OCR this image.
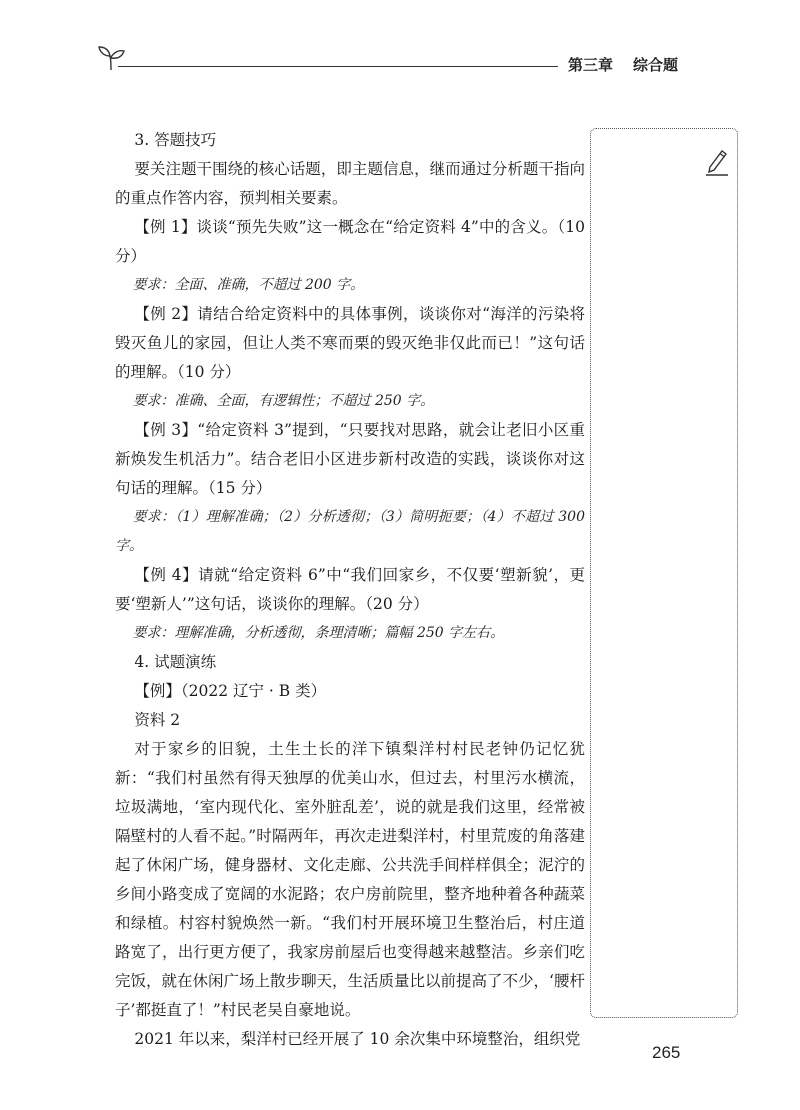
第三章 综合题

3. 答题技巧

要关注题干围绕的核心话题，即主题信息，继而通过分析题干指向的重点作答内容，预判相关要素。

【例 1】谈谈“预先失败”这一概念在“给定资料 4”中的含义。（10 分）

要求：全面、准确，不超过 200 字。

【例 2】请结合给定资料中的具体事例，谈谈你对“海洋的污染将毁灭鱼儿的家园，但让人类不寒而栗的毁灭绝非仅此而已！”这句话的理解。（10 分）

要求：准确、全面，有逻辑性；不超过 250 字。

【例 3】“给定资料 3”提到，“只要找对思路，就会让老旧小区重新焕发生机活力”。结合老旧小区进步新村改造的实践，谈谈你对这句话的理解。（15 分）

要求：（1）理解准确；（2）分析透彻；（3）简明扼要；（4）不超过 300 字。

【例 4】请就“给定资料 6”中“我们回家乡，不仅要‘塑新貌’，更要‘塑新人’”这句话，谈谈你的理解。（20 分）

要求：理解准确，分析透彻，条理清晰；篇幅 250 字左右。

4. 试题演练

【例】（2022 辽宁 · B 类）

资料 2

对于家乡的旧貌，土生土长的洋下镇梨洋村村民老钟仍记忆犹新：“我们村虽然有得天独厚的优美山水，但过去，村里污水横流，垃圾满地，‘室内现代化、室外脏乱差’，说的就是我们这里，经常被隔壁村的人看不起。”时隔两年，再次走进梨洋村，村里荒废的角落建起了休闲广场，健身器材、文化走廊、公共洗手间样样俱全；泥泞的乡间小路变成了宽阔的水泥路；农户房前院里，整齐地种着各种蔬菜和绿植。村容村貌焕然一新。“我们村开展环境卫生整治后，村庄道路宽了，出行更方便了，我家房前屋后也变得越来越整洁。乡亲们吃完饭，就在休闲广场上散步聊天，生活质量比以前提高了不少，‘腰杆子’都挺直了！”村民老吴自豪地说。

2021 年以来，梨洋村已经开展了 10 余次集中环境整治，组织党

265
